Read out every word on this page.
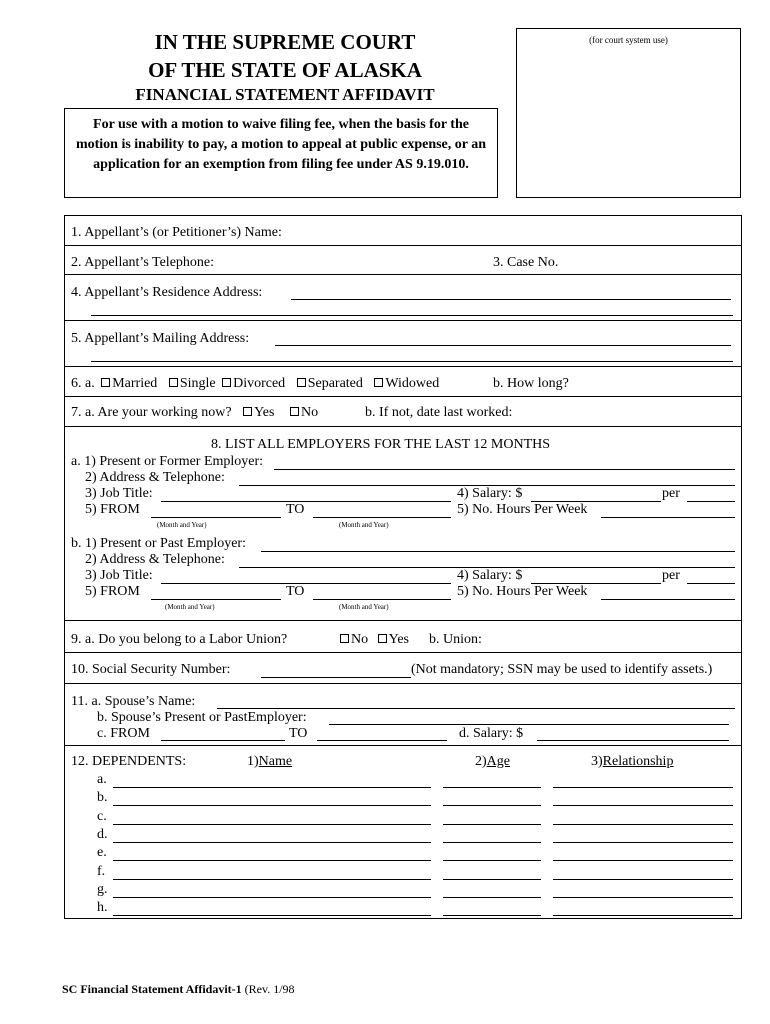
IN THE SUPREME COURT
OF THE STATE OF ALASKA
FINANCIAL STATEMENT AFFIDAVIT
(for court system use)
For use with a motion to waive filing fee, when the basis for the motion is inability to pay, a motion to appeal at public expense, or an application for an exemption from filing fee under AS 9.19.010.
1. Appellant’s (or Petitioner’s) Name:
2. Appellant’s Telephone:	3. Case No.
4. Appellant’s Residence Address:
5. Appellant’s Mailing Address:
6. a. Married Single Divorced Separated Widowed	b. How long?
7. a. Are your working now? Yes No	b. If not, date last worked:
8. LIST ALL EMPLOYERS FOR THE LAST 12 MONTHS
a. 1) Present or Former Employer:
2) Address & Telephone:
3) Job Title:	4) Salary: $	per
5) FROM	TO	5) No. Hours Per Week
(Month and Year)	(Month and Year)
b. 1) Present or Past Employer:
2) Address & Telephone:
3) Job Title:	4) Salary: $	per
5) FROM	TO	5) No. Hours Per Week
(Month and Year)	(Month and Year)
9. a. Do you belong to a Labor Union?	No Yes b. Union:
10. Social Security Number:	(Not mandatory; SSN may be used to identify assets.)
11. a. Spouse’s Name:
b. Spouse’s Present or PastEmployer:
c. FROM	TO	d. Salary: $
12. DEPENDENTS:	1)Name	2)Age	3)Relationship
a.
b.
c.
d.
e.
f.
g.
h.
SC Financial Statement Affidavit-1 (Rev. 1/98
